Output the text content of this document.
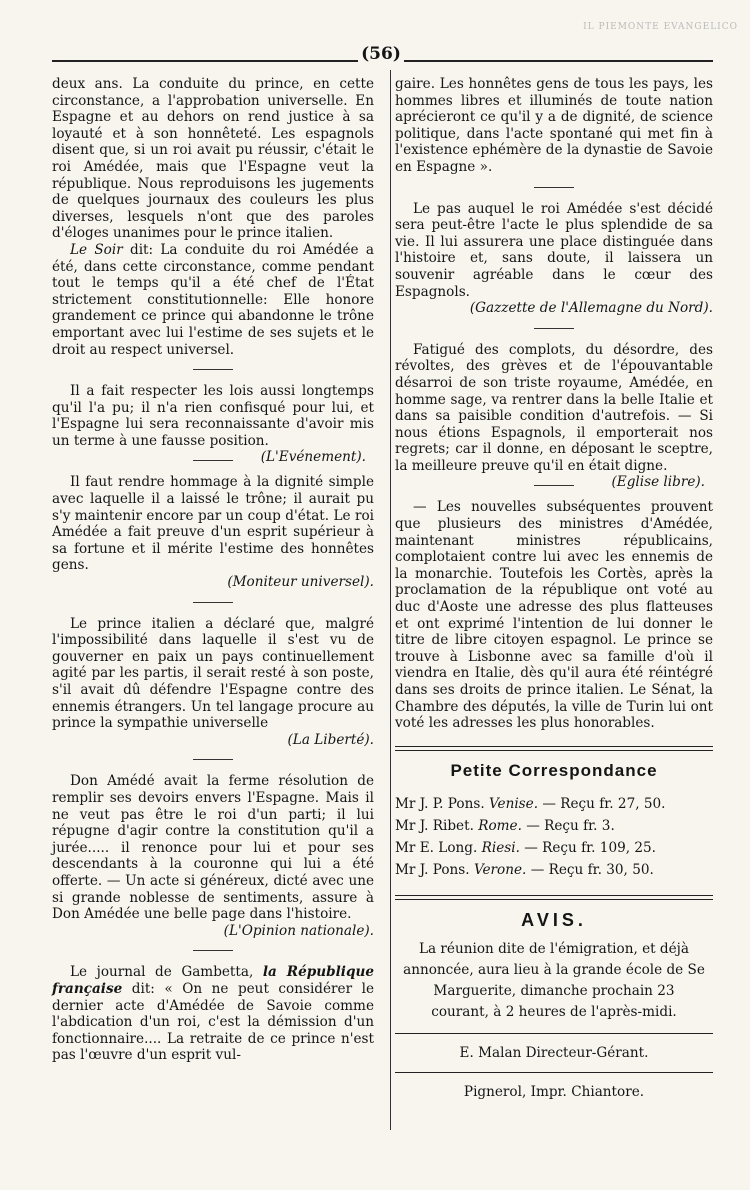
IL PIEMONTE EVANGELICO
(56)

deux ans. La conduite du prince, en cette circonstance, a l'approbation universelle. En Espagne et au dehors on rend justice à sa loyauté et à son honnêteté. Les espagnols disent que, si un roi avait pu réussir, c'était le roi Amédée, mais que l'Espagne veut la république. Nous reproduisons les jugements de quelques journaux des couleurs les plus diverses, lesquels n'ont que des paroles d'éloges unanimes pour le prince italien.

Le Soir dit: La conduite du roi Amédée a été, dans cette circonstance, comme pendant tout le temps qu'il a été chef de l'État strictement constitutionnelle: Elle honore grandement ce prince qui abandonne le trône emportant avec lui l'estime de ses sujets et le droit au respect universel.

Il a fait respecter les lois aussi longtemps qu'il l'a pu; il n'a rien confisqué pour lui, et l'Espagne lui sera reconnaissante d'avoir mis un terme à une fausse position.
(L'Evénement).

Il faut rendre hommage à la dignité simple avec laquelle il a laissé le trône; il aurait pu s'y maintenir encore par un coup d'état. Le roi Amédée a fait preuve d'un esprit supérieur à sa fortune et il mérite l'estime des honnêtes gens.

(Moniteur universel).

Le prince italien a déclaré que, malgré l'impossibilité dans laquelle il s'est vu de gouverner en paix un pays continuellement agité par les partis, il serait resté à son poste, s'il avait dû défendre l'Espagne contre des ennemis étrangers. Un tel langage procure au prince la sympathie universelle

(La Liberté).

Don Amédé avait la ferme résolution de remplir ses devoirs envers l'Espagne. Mais il ne veut pas être le roi d'un parti; il lui répugne d'agir contre la constitution qu'il a jurée..... il renonce pour lui et pour ses descendants à la couronne qui lui a été offerte. — Un acte si généreux, dicté avec une si grande noblesse de sentiments, assure à Don Amédée une belle page dans l'histoire.

(L'Opinion nationale).

Le journal de Gambetta, la République française dit: « On ne peut considérer le dernier acte d'Amédée de Savoie comme l'abdication d'un roi, c'est la démission d'un fonctionnaire.... La retraite de ce prince n'est pas l'œuvre d'un esprit vul-

gaire. Les honnêtes gens de tous les pays, les hommes libres et illuminés de toute nation aprécieront ce qu'il y a de dignité, de science politique, dans l'acte spontané qui met fin à l'existence ephémère de la dynastie de Savoie en Espagne ».

Le pas auquel le roi Amédée s'est décidé sera peut-être l'acte le plus splendide de sa vie. Il lui assurera une place distinguée dans l'histoire et, sans doute, il laissera un souvenir agréable dans le cœur des Espagnols.

(Gazzette de l'Allemagne du Nord).

Fatigué des complots, du désordre, des révoltes, des grèves et de l'épouvantable désarroi de son triste royaume, Amédée, en homme sage, va rentrer dans la belle Italie et dans sa paisible condition d'autrefois. — Si nous étions Espagnols, il emporterait nos regrets; car il donne, en déposant le sceptre, la meilleure preuve qu'il en était digne.
(Eglise libre).

— Les nouvelles subséquentes prouvent que plusieurs des ministres d'Amédée, maintenant ministres républicains, complotaient contre lui avec les ennemis de la monarchie. Toutefois les Cortès, après la proclamation de la république ont voté au duc d'Aoste une adresse des plus flatteuses et ont exprimé l'intention de lui donner le titre de libre citoyen espagnol. Le prince se trouve à Lisbonne avec sa famille d'où il viendra en Italie, dès qu'il aura été réintégré dans ses droits de prince italien. Le Sénat, la Chambre des députés, la ville de Turin lui ont voté les adresses les plus honorables.

Petite Correspondance
Mr J. P. Pons. Venise. — Reçu fr. 27, 50.
Mr J. Ribet. Rome. — Reçu fr. 3.
Mr E. Long. Riesi. — Reçu fr. 109, 25.
Mr J. Pons. Verone. — Reçu fr. 30, 50.
AVIS.

La réunion dite de l'émigration, et déjà annoncée, aura lieu à la grande école de Se Marguerite, dimanche prochain 23 courant, à 2 heures de l'après-midi.

E. Malan Directeur-Gérant.
Pignerol, Impr. Chiantore.
